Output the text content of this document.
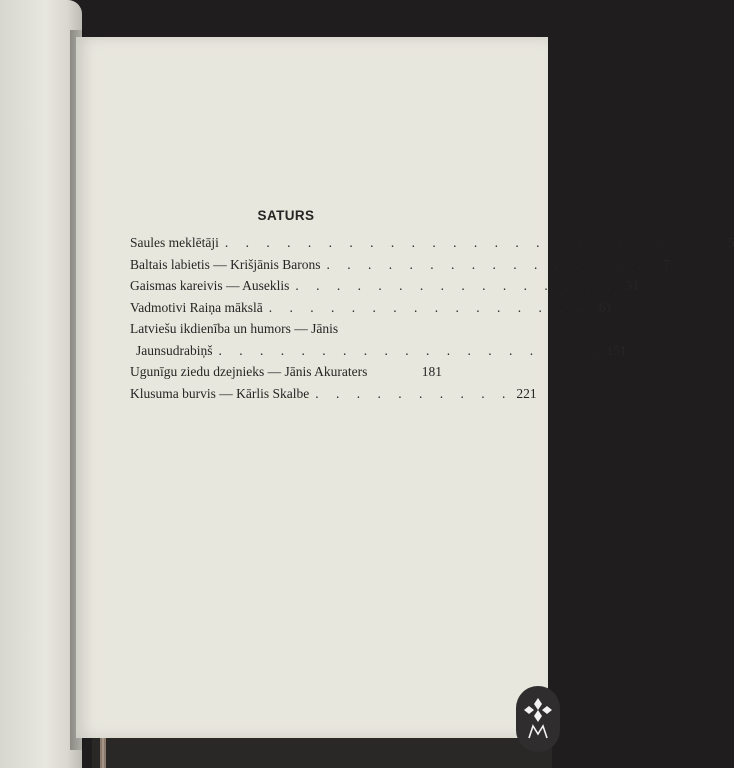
SATURS
Saules meklētāji . . . . . . . . . . . . . . . . . . . . . . . .	5
Baltais labietis — Krišjānis Barons . . . . . . . . . . . . . . . .	7
Gaismas kareivis — Auseklis . . . . . . . . . . . . . . . . 31
Vadmotivi Raiņa mākslā . . . . . . . . . . . . . . . . 61
Latviešu ikdienība un humors — Jānis
Jaunsudrabiņš . . . . . . . . . . . . . . . . . . . 151
Ugunīgu ziedu dzejnieks — Jānis Akuraters	181
Klusuma burvis — Kārlis Skalbe . . . . . . . . . . 221
